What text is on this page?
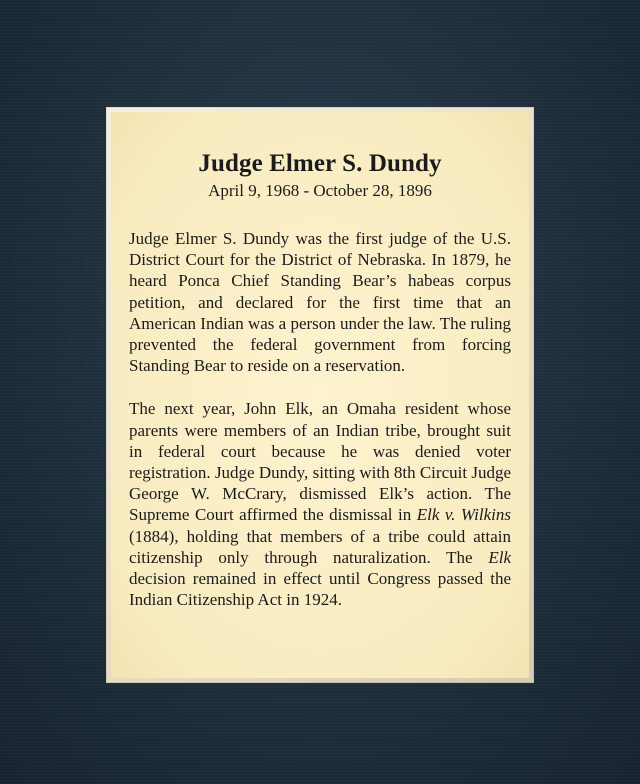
Judge Elmer S. Dundy
April 9, 1968 - October 28, 1896

Judge Elmer S. Dundy was the first judge of the U.S. District Court for the District of Nebraska. In 1879, he heard Ponca Chief Standing Bear’s habeas corpus petition, and declared for the first time that an American Indian was a person under the law. The ruling prevented the federal government from forcing Standing Bear to reside on a reservation.

The next year, John Elk, an Omaha resident whose parents were members of an Indian tribe, brought suit in federal court because he was denied voter registration. Judge Dundy, sitting with 8th Circuit Judge George W. McCrary, dismissed Elk’s action. The Supreme Court affirmed the dismissal in Elk v. Wilkins (1884), holding that members of a tribe could attain citizenship only through naturalization. The Elk decision remained in effect until Congress passed the Indian Citizenship Act in 1924.
